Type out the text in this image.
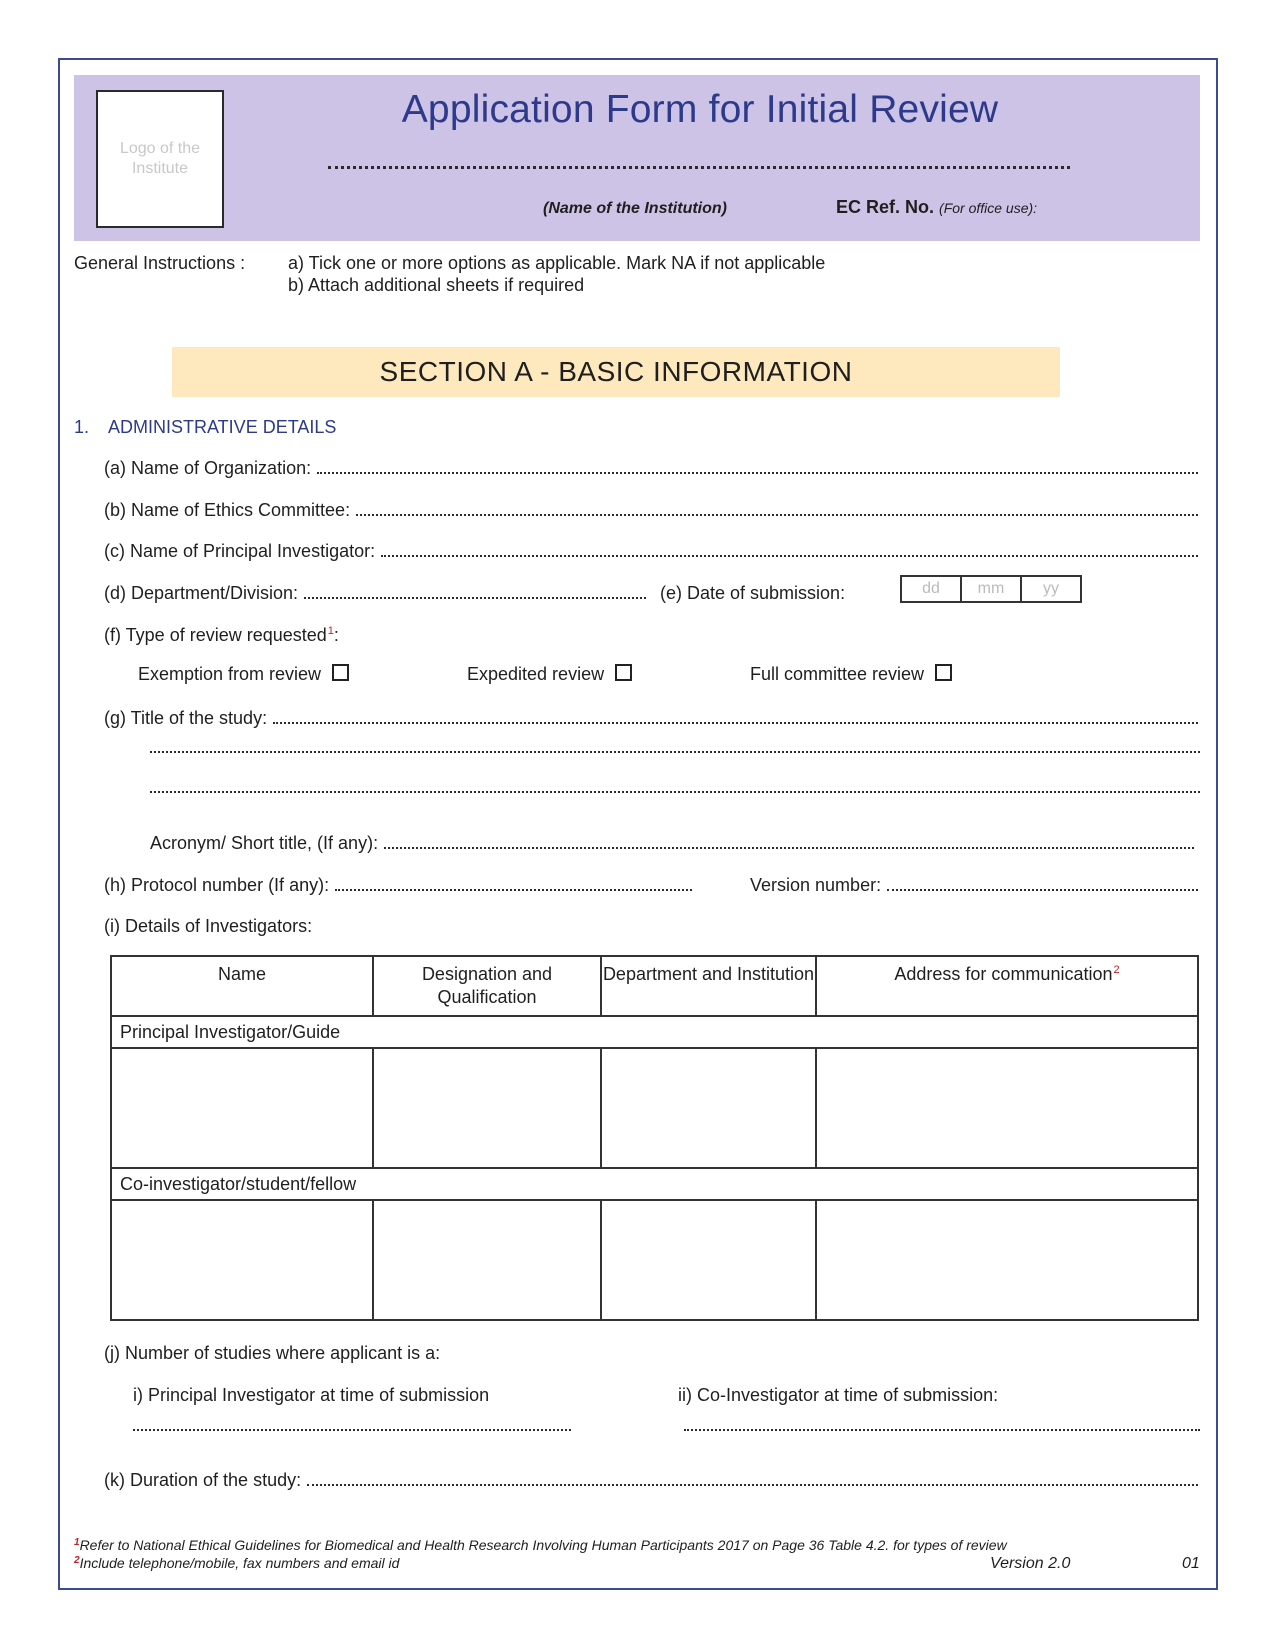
Logo of the Institute
Application Form for Initial Review
(Name of the Institution)	EC Ref. No. (For office use):
General Instructions : a) Tick one or more options as applicable. Mark NA if not applicable
b) Attach additional sheets if required
SECTION A - BASIC INFORMATION
1. ADMINISTRATIVE DETAILS
(a) Name of Organization:
(b) Name of Ethics Committee:
(c) Name of Principal Investigator:
(d) Department/Division:	(e) Date of submission:	dd	mm	yy
(f) Type of review requested 1 :
Exemption from review	Expedited review	Full committee review
(g) Title of the study:
Acronym/ Short title, (If any):
(h) Protocol number (If any):	Version number:
(i) Details of Investigators:
Name	Designation and Qualification	Department and Institution	Address for communication$^2$
Principal Investigator/Guide			

Co-investigator/student/fellow			

(j) Number of studies where applicant is a:
i) Principal Investigator at time of submission	ii) Co-Investigator at time of submission:
(k) Duration of the study:
$^1$Refer to National Ethical Guidelines for Biomedical and Health Research Involving Human Participants 2017 on Page 36 Table 4.2. for types of review
$^2$Include telephone/mobile, fax numbers and email id	Version 2.0	01
